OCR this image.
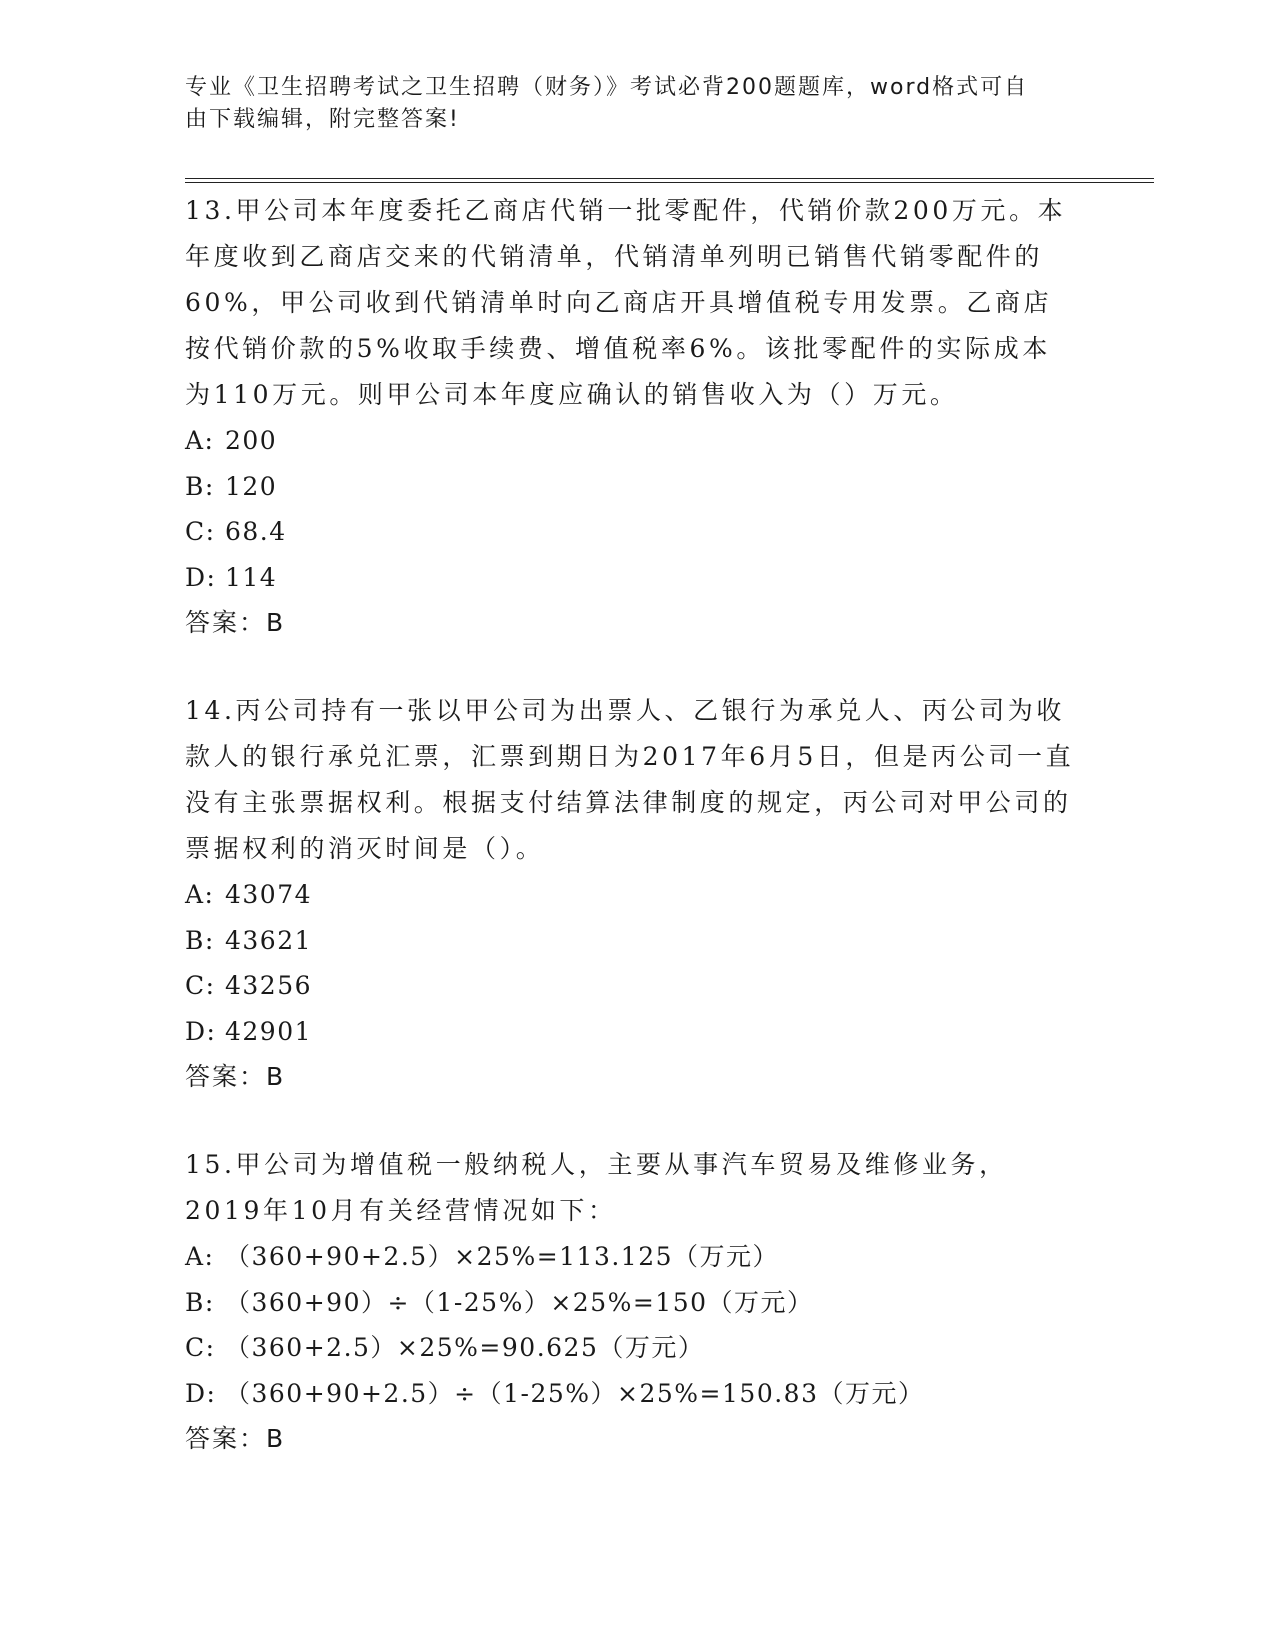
专业《卫生招聘考试之卫生招聘（财务）》考试必背200题题库，word格式可自
由下载编辑，附完整答案!

13.甲公司本年度委托乙商店代销一批零配件，代销价款200万元。本年度收到乙商店交来的代销清单，代销清单列明已销售代销零配件的60%，甲公司收到代销清单时向乙商店开具增值税专用发票。乙商店按代销价款的5%收取手续费、增值税率6%。该批零配件的实际成本为110万元。则甲公司本年度应确认的销售收入为（）万元。

A: 200
B: 120
C: 68.4
D: 114
答案：B

14.丙公司持有一张以甲公司为出票人、乙银行为承兑人、丙公司为收款人的银行承兑汇票，汇票到期日为2017年6月5日，但是丙公司一直没有主张票据权利。根据支付结算法律制度的规定，丙公司对甲公司的票据权利的消灭时间是（）。

A: 43074
B: 43621
C: 43256
D: 42901
答案：B

15.甲公司为增值税一般纳税人，主要从事汽车贸易及维修业务，2019年10月有关经营情况如下：

A: （360+90+2.5）×25%=113.125（万元）
B: （360+90）÷（1-25%）×25%=150（万元）
C: （360+2.5）×25%=90.625（万元）
D: （360+90+2.5）÷（1-25%）×25%=150.83（万元）
答案：B
